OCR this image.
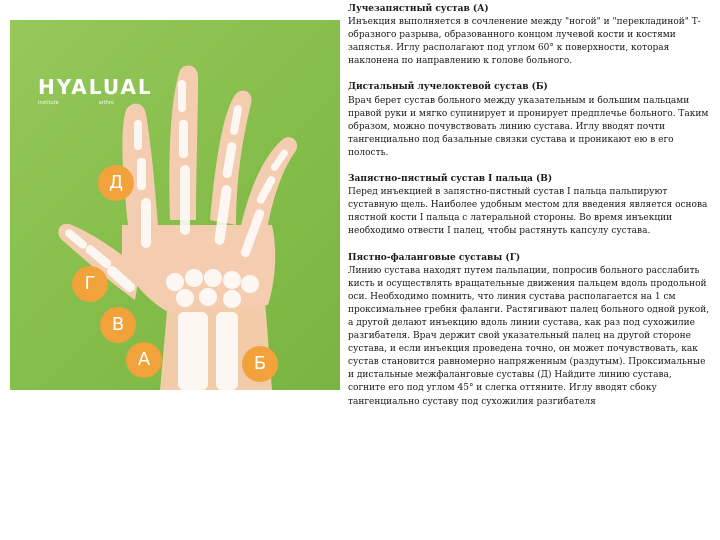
HYALUAL
institute	arthro
Д
Г
В
А	Б
Лучезапястный сустав (А)

Инъекция выполняется в сочленение между "ногой" и "перекладиной" Т-образного разрыва, образованного концом лучевой кости и костями запястья. Иглу располагают под углом 60° к поверхности, которая наклонена по направлению к голове больного.

Дистальный лучелоктевой сустав (Б)

Врач берет сустав больного между указательным и большим пальцами правой руки и мягко супинирует и пронирует предплечье больного. Таким образом, можно почувствовать линию сустава. Иглу вводят почти тангенциально под базальные связки сустава и проникают ею в его полость.

Запястно-пястный сустав I пальца (В)

Перед инъекцией в запястно-пястный сустав I пальца пальпируют суставную щель. Наиболее удобным местом для введения является основа пястной кости I пальца с латеральной стороны. Во время инъекции необходимо отвести I палец, чтобы растянуть капсулу сустава.

Пястно-фаланговые суставы (Г)

Линию сустава находят путем пальпации, попросив больного расслабить кисть и осуществлять вращательные движения пальцем вдоль продольной оси. Необходимо помнить, что линия сустава располагается на 1 см проксимальнее гребня фаланги. Растягивают палец больного одной рукой, а другой делают инъекцию вдоль линии сустава, как раз под сухожилие разгибателя. Врач держит свой указательный палец на другой стороне сустава, и если инъекция проведена точно, он может почувствовать, как сустав становится равномерно напряженным (раздутым). Проксимальные и дистальные межфаланговые суставы (Д) Найдите линию сустава, согните его под углом 45° и слегка оттяните. Иглу вводят сбоку тангенциально суставу под сухожилия разгибателя
